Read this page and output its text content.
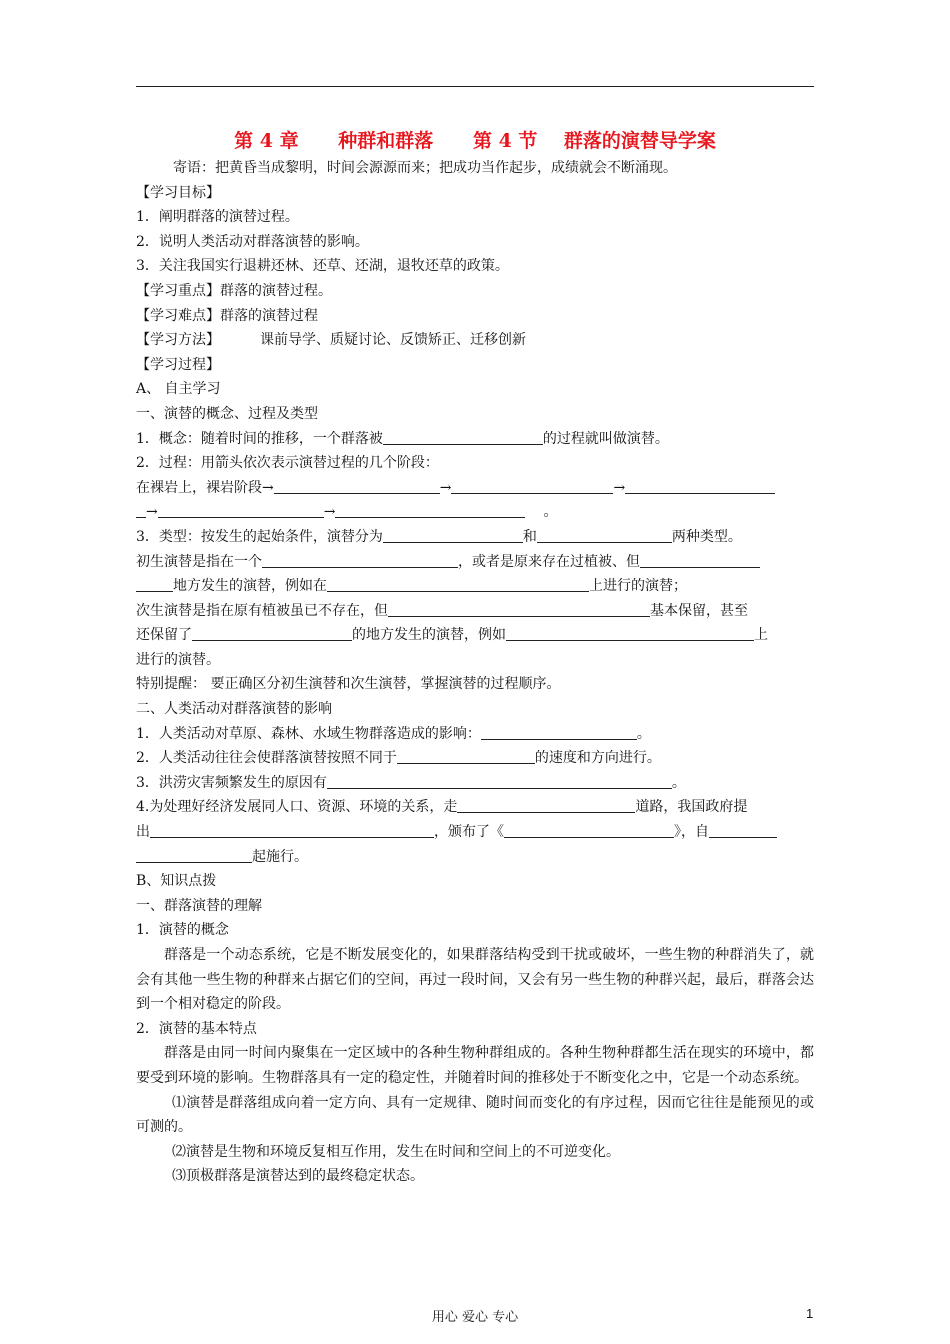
第 4 章      种群和群落      第 4 节    群落的演替导学案
寄语：把黄昏当成黎明，时间会源源而来；把成功当作起步，成绩就会不断涌现。
【学习目标】
1．阐明群落的演替过程。
2．说明人类活动对群落演替的影响。
3．关注我国实行退耕还林、还草、还湖，退牧还草的政策。
【学习重点】群落的演替过程。
【学习难点】群落的演替过程
【学习方法】	课前导学、质疑讨论、反馈矫正、迁移创新
【学习过程】
A、 自主学习
一、演替的概念、过程及类型
1．概念：随着时间的推移，一个群落被	的过程就叫做演替。
2．过程：用箭头依次表示演替过程的几个阶段：
在裸岩上，裸岩阶段→	→	→
→	→	。
3．类型：按发生的起始条件，演替分为	和	两种类型。
初生演替是指在一个	，或者是原来存在过植被、但
地方发生的演替，例如在	上进行的演替；
次生演替是指在原有植被虽已不存在，但	基本保留，甚至
还保留了	的地方发生的演替，例如	上
进行的演替。
特别提醒： 要正确区分初生演替和次生演替，掌握演替的过程顺序。
二、人类活动对群落演替的影响
1．人类活动对草原、森林、水域生物群落造成的影响：	。
2．人类活动往往会使群落演替按照不同于	的速度和方向进行。
3．洪涝灾害频繁发生的原因有	。
4.为处理好经济发展同人口、资源、环境的关系，走	道路，我国政府提
出	，颁布了《	》，自
起施行。
B、知识点拨
一、群落演替的理解
1．演替的概念
群落是一个动态系统，它是不断发展变化的，如果群落结构受到干扰或破坏，一些生物的种群消失了，就会有其他一些生物的种群来占据它们的空间，再过一段时间，又会有另一些生物的种群兴起，最后，群落会达到一个相对稳定的阶段。
2．演替的基本特点
群落是由同一时间内聚集在一定区域中的各种生物种群组成的。各种生物种群都生活在现实的环境中，都要受到环境的影响。生物群落具有一定的稳定性，并随着时间的推移处于不断变化之中，它是一个动态系统。
⑴演替是群落组成向着一定方向、具有一定规律、随时间而变化的有序过程，因而它往往是能预见的或可测的。
⑵演替是生物和环境反复相互作用，发生在时间和空间上的不可逆变化。
⑶顶极群落是演替达到的最终稳定状态。
用心 爱心 专心	1
